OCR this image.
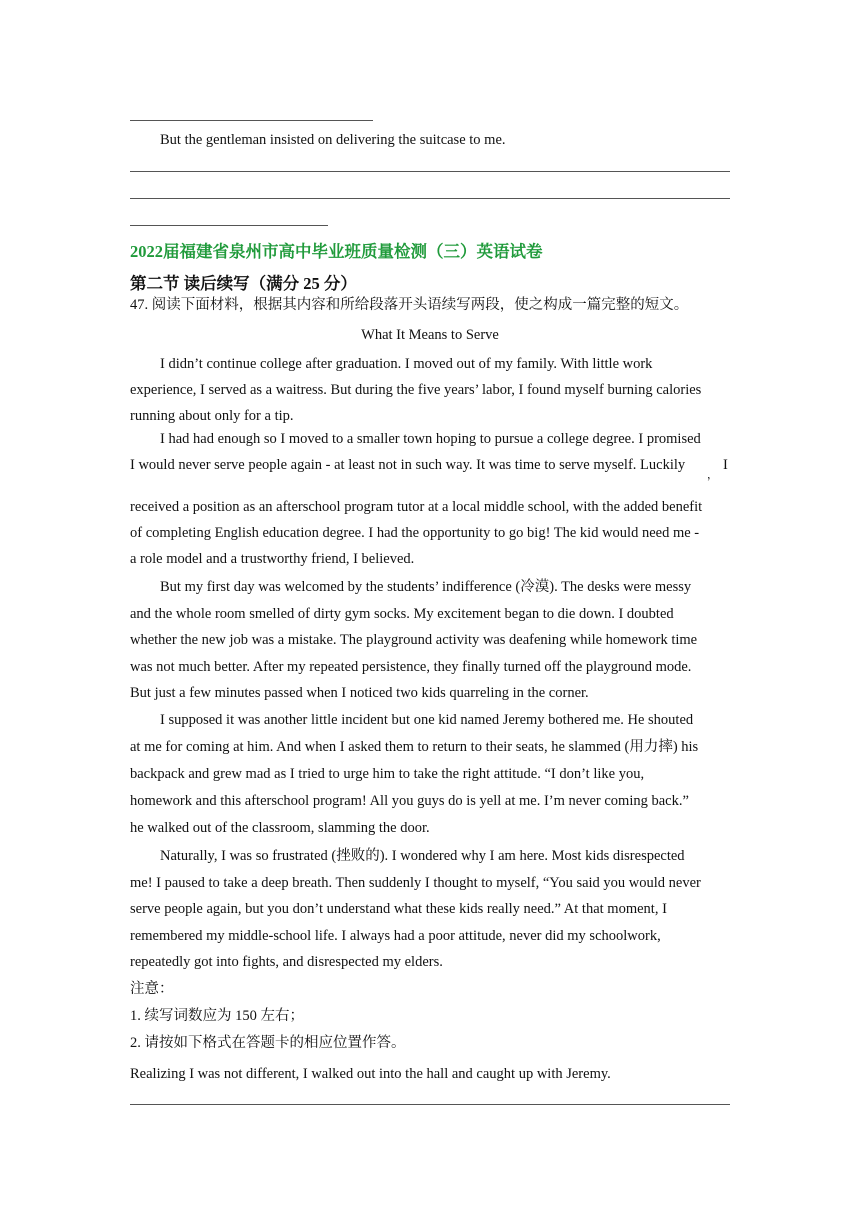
But the gentleman insisted on delivering the suitcase to me.
2022届福建省泉州市高中毕业班质量检测（三）英语试卷
第二节 读后续写（满分 25 分）
47. 阅读下面材料，根据其内容和所给段落开头语续写两段，使之构成一篇完整的短文。
What It Means to Serve

I didn’t continue college after graduation. I moved out of my family. With little work

experience, I served as a waitress. But during the five years’ labor, I found myself burning calories

running about only for a tip.

I had had enough so I moved to a smaller town hoping to pursue a college degree. I promised
I would never serve people again - at least not in such way. It was time to serve myself. Luckily
，
I

received a position as an afterschool program tutor at a local middle school, with the added benefit

of completing English education degree. I had the opportunity to go big! The kid would need me -

a role model and a trustworthy friend, I believed.

But my first day was welcomed by the students’ indifference (冷漠). The desks were messy

and the whole room smelled of dirty gym socks. My excitement began to die down. I doubted

whether the new job was a mistake. The playground activity was deafening while homework time

was not much better. After my repeated persistence, they finally turned off the playground mode.

But just a few minutes passed when I noticed two kids quarreling in the corner.

I supposed it was another little incident but one kid named Jeremy bothered me. He shouted

at me for coming at him. And when I asked them to return to their seats, he slammed (用力摔) his

backpack and grew mad as I tried to urge him to take the right attitude. “I don’t like you,

homework and this afterschool program! All you guys do is yell at me. I’m never coming back.”

he walked out of the classroom, slamming the door.

Naturally, I was so frustrated (挫败的). I wondered why I am here. Most kids disrespected

me! I paused to take a deep breath. Then suddenly I thought to myself, “You said you would never

serve people again, but you don’t understand what these kids really need.” At that moment, I

remembered my middle-school life. I always had a poor attitude, never did my schoolwork,

repeatedly got into fights, and disrespected my elders.

注意：

1. 续写词数应为 150 左右；

2. 请按如下格式在答题卡的相应位置作答。

Realizing I was not different, I walked out into the hall and caught up with Jeremy.
